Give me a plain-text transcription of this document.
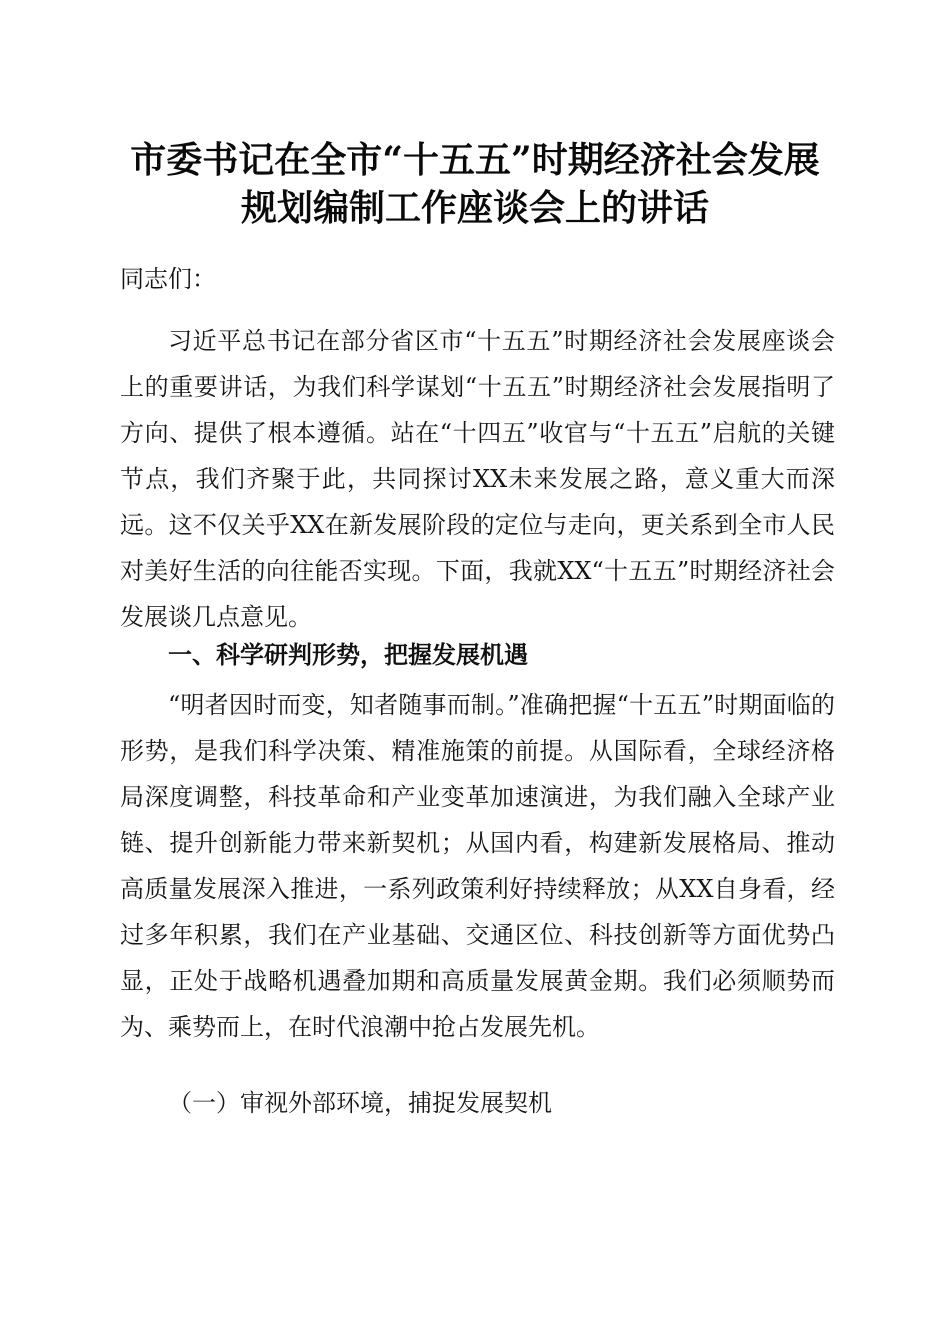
市委书记在全市“十五五”时期经济社会发展
规划编制工作座谈会上的讲话
同志们：
习近平总书记在部分省区市“十五五”时期经济社会发展座谈会上的重要讲话，为我们科学谋划“十五五”时期经济社会发展指明了方向、提供了根本遵循。站在“十四五”收官与“十五五”启航的关键节点，我们齐聚于此，共同探讨XX未来发展之路，意义重大而深远。这不仅关乎XX在新发展阶段的定位与走向，更关系到全市人民对美好生活的向往能否实现。下面，我就XX“十五五”时期经济社会发展谈几点意见。
一、科学研判形势，把握发展机遇
“明者因时而变，知者随事而制。”准确把握“十五五”时期面临的形势，是我们科学决策、精准施策的前提。从国际看，全球经济格局深度调整，科技革命和产业变革加速演进，为我们融入全球产业链、提升创新能力带来新契机；从国内看，构建新发展格局、推动高质量发展深入推进，一系列政策利好持续释放；从XX自身看，经过多年积累，我们在产业基础、交通区位、科技创新等方面优势凸显，正处于战略机遇叠加期和高质量发展黄金期。我们必须顺势而为、乘势而上，在时代浪潮中抢占发展先机。
（一）审视外部环境，捕捉发展契机
